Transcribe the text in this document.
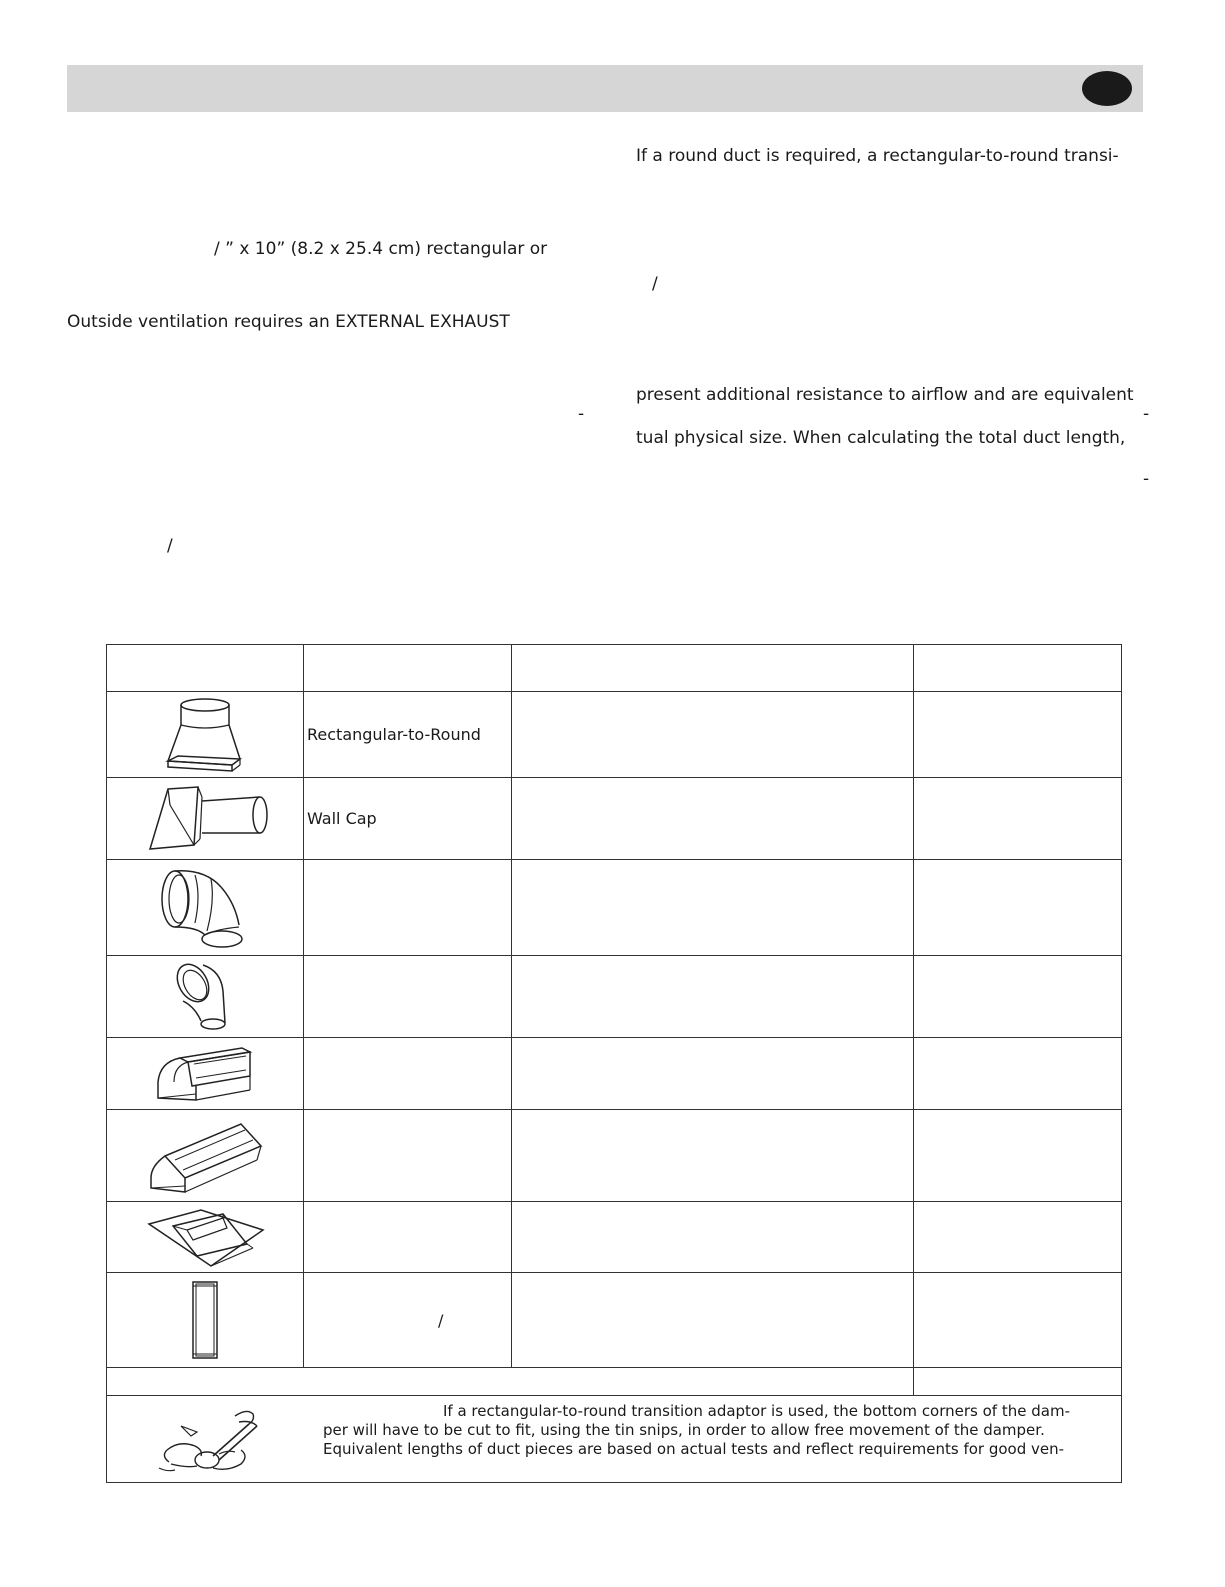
/ ” x 10” (8.2 x 25.4 cm) rectangular or
Outside ventilation requires an EXTERNAL EXHAUST
-
/
If a round duct is required, a rectangular-to-round transi-
/
present additional resistance to airflow and are equivalent
-
tual physical size. When calculating the total duct length,
-

	Rectangular-to-Round		

	Wall Cap		

	/		

If a rectangular-to-round transition adaptor is used, the bottom corners of the dam-
per will have to be cut to fit, using the tin snips, in order to allow free movement of the damper.
Equivalent lengths of duct pieces are based on actual tests and reflect requirements for good ven-			
